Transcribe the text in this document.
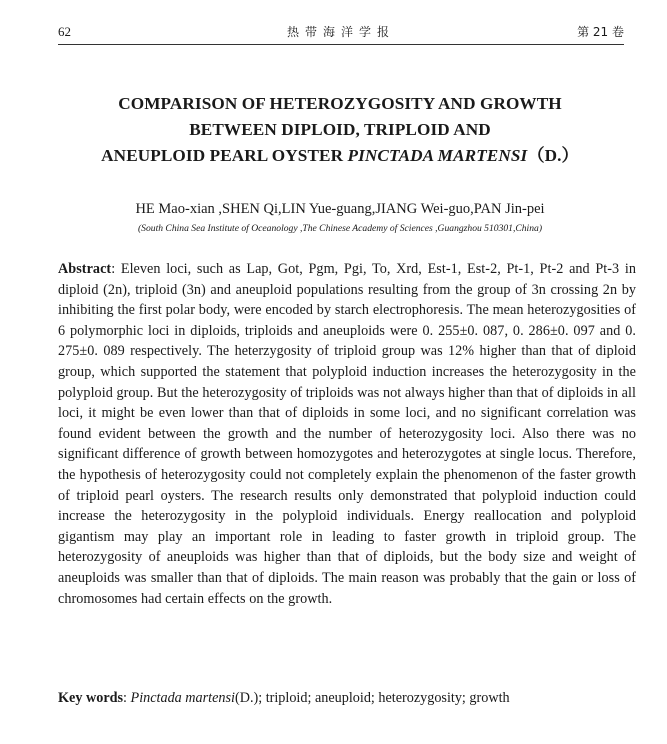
62	热带海洋学报	第 21 卷
COMPARISON OF HETEROZYGOSITY AND GROWTH
BETWEEN DIPLOID, TRIPLOID AND
ANEUPLOID PEARL OYSTER PINCTADA MARTENSI（D.）
HE Mao-xian ,SHEN Qi,LIN Yue-guang,JIANG Wei-guo,PAN Jin-pei
(South China Sea Institute of Oceanology ,The Chinese Academy of Sciences ,Guangzhou 510301,China)
Abstract: Eleven loci, such as Lap, Got, Pgm, Pgi, To, Xrd, Est-1, Est-2, Pt-1, Pt-2 and Pt-3 in diploid (2n), triploid (3n) and aneuploid populations resulting from the group of 3n crossing 2n by inhibiting the first polar body, were encoded by starch electrophoresis. The mean heterozygosities of 6 polymorphic loci in diploids, triploids and aneuploids were 0. 255±0. 087, 0. 286±0. 097 and 0. 275±0. 089 respectively. The heterzygosity of triploid group was 12% higher than that of diploid group, which supported the statement that polyploid induction increases the heterozygosity in the polyploid group. But the heterozygosity of triploids was not always higher than that of diploids in all loci, it might be even lower than that of diploids in some loci, and no significant correlation was found evident between the growth and the number of heterozygosity loci. Also there was no significant difference of growth between homozygotes and heterozygotes at single locus. Therefore, the hypothesis of heterozygosity could not completely explain the phenomenon of the faster growth of triploid pearl oysters. The research results only demonstrated that polyploid induction could increase the heterozygosity in the polyploid individuals. Energy reallocation and polyploid gigantism may play an important role in leading to faster growth in triploid group. The heterozygosity of aneuploids was higher than that of diploids, but the body size and weight of aneuploids was smaller than that of diploids. The main reason was probably that the gain or loss of chromosomes had certain effects on the growth.
Key words: Pinctada martensi(D.); triploid; aneuploid; heterozygosity; growth
